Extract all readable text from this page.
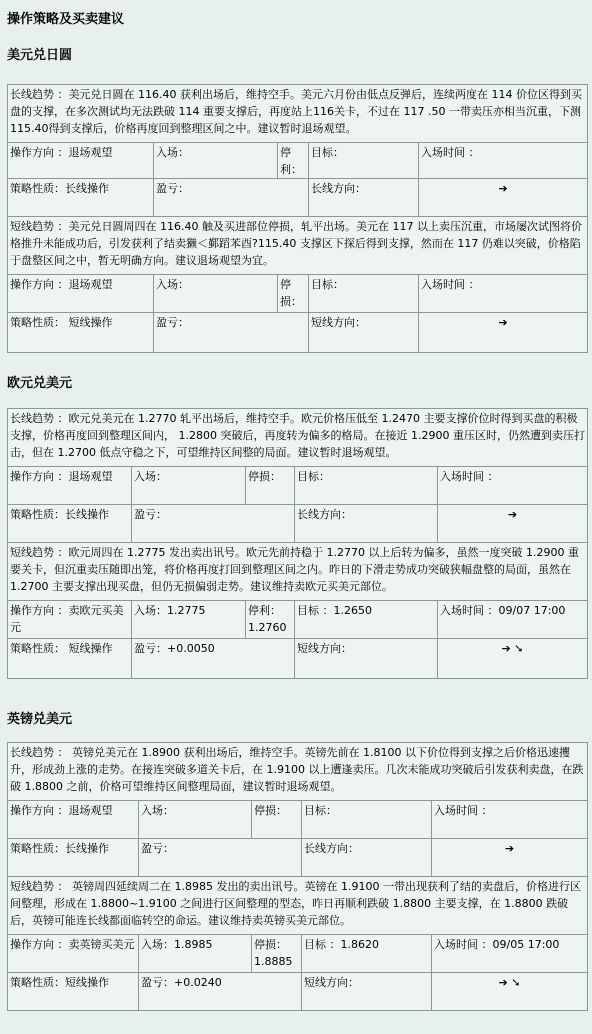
操作策略及买卖建议
美元兑日圆
长线趋势 ：美元兑日圆在 116.40 获利出场后，维持空手。美元六月份由低点反弹后，连续两度在 114 价位区得到买盘的支撑，在多次测试均无法跌破 114 重要支撑后，再度站上116关卡，不过在 117 .50 一带卖压亦相当沉重，下测115.40得到支撑后，价格再度回到整理区间之中。建议暂时退场观望。				
操作方向 ：退场观望	入场：	停利：	目标：	入场时间 ：
策略性质：长线操作	盈亏：		长线方向：	➔

短线趋势 ：美元兑日圆周四在 116.40 触及买进部位停损，轧平出场。美元在 117 以上卖压沉重，市场屡次试图将价格推升未能成功后，引发获利了结卖獭＜鄞蹈苯酉?115.40 支撑区下探后得到支撑，然而在 117 仍难以突破，价格陷于盘整区间之中，暂无明确方向。建议退场观望为宜。				
操作方向 ：退场观望	入场：	停损：	目标：	入场时间 ：
策略性质： 短线操作	盈亏：		短线方向：	➔
欧元兑美元
长线趋势 ：欧元兑美元在 1.2770 轧平出场后，维持空手。欧元价格压低至 1.2470 主要支撑价位时得到买盘的积极支撑，价格再度回到整理区间内， 1.2800 突破后，再度转为偏多的格局。在接近 1.2900 重压区时，仍然遭到卖压打击，但在 1.2700 低点守稳之下，可望维持区间整的局面。建议暂时退场观望。				
操作方向 ：退场观望	入场：	停损：	目标：	入场时间 ：
策略性质：长线操作	盈亏：		长线方向：	➔

短线趋势 ：欧元周四在 1.2775 发出卖出讯号。欧元先前持稳于 1.2770 以上后转为偏多，虽然一度突破 1.2900 重要关卡，但沉重卖压随即出笼，将价格再度打回到整理区间之内。昨日的下滑走势成功突破狭幅盘整的局面，虽然在 1.2700 主要支撑出现买盘，但仍无损偏弱走势。建议维持卖欧元买美元部位。				
操作方向 ：卖欧元买美元	入场：1.2775	停利：1.2760	目标 ：1.2650	入场时间 ：09/07 17:00
策略性质： 短线操作	盈亏：+0.0050		短线方向：	➔ ➘
英镑兑美元
长线趋势 ： 英镑兑美元在 1.8900 获利出场后，维持空手。英镑先前在 1.8100 以下价位得到支撑之后价格迅速攫升，形成劲上涨的走势。在接连突破多道关卡后，在 1.9100 以上遭逢卖压。几次未能成功突破后引发获利卖盘，在跌破 1.8800 之前，价格可望维持区间整理局面，建议暂时退场观望。				
操作方向 ：退场观望	入场：	停损：	目标：	入场时间 ：
策略性质：长线操作	盈亏：		长线方向：	➔

短线趋势 ： 英镑周四延续周二在 1.8985 发出的卖出讯号。英镑在 1.9100 一带出现获利了结的卖盘后，价格进行区间整理，形成在 1.8800~1.9100 之间进行区间整理的型态，昨日再顺利跌破 1.8800 主要支撑，在 1.8800 跌破后，英镑可能连长线都面临转空的命运。建议维持卖英镑买美元部位。				
操作方向 ：卖英镑买美元	入场：1.8985	停损：1.8885	目标 ：1.8620	入场时间 ：09/05 17:00
策略性质：短线操作	盈亏：+0.0240		短线方向：	➔ ➘
